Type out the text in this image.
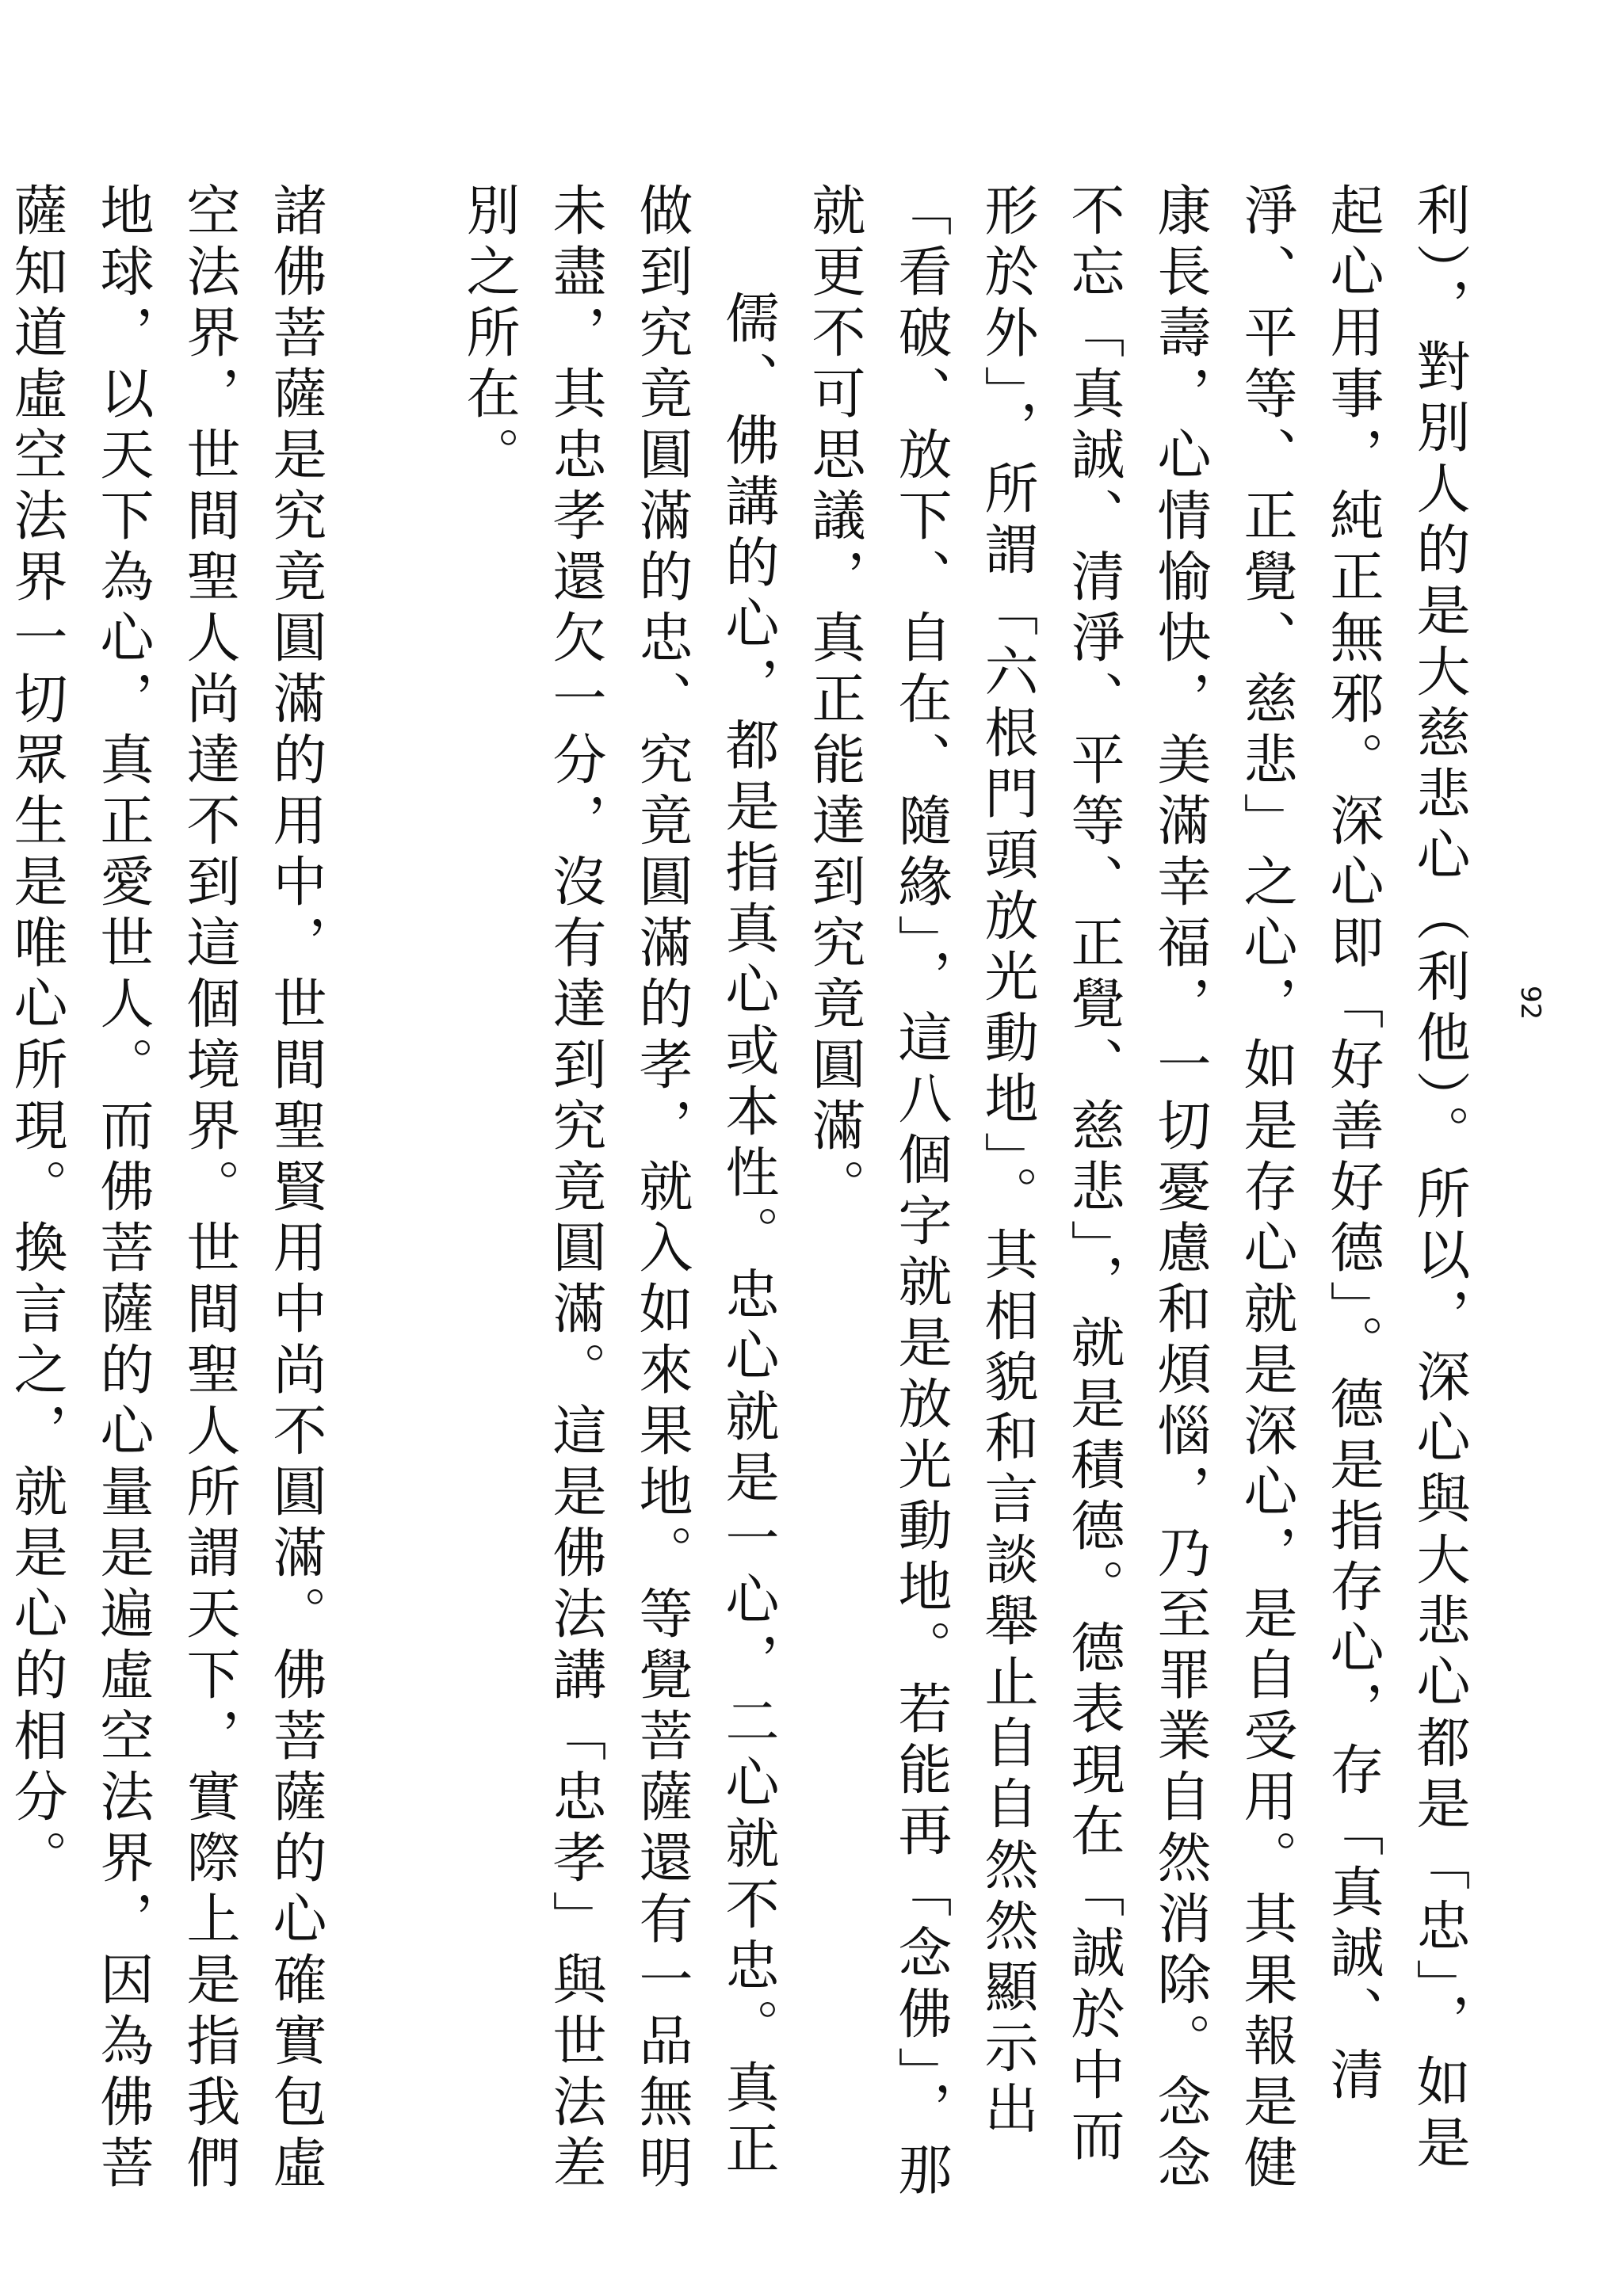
92

利），對別人的是大慈悲心（利他）。所以，深心與大悲心都是「忠」，如是起心用事，純正無邪。深心即「好善好德」。德是指存心，存「真誠、清淨、平等、正覺、慈悲」之心，如是存心就是深心，是自受用。其果報是健康長壽，心情愉快，美滿幸福，一切憂慮和煩惱，乃至罪業自然消除。念念不忘「真誠、清淨、平等、正覺、慈悲」，就是積德。德表現在「誠於中而形於外」，所謂「六根門頭放光動地」。其相貌和言談舉止自自然然顯示出「看破、放下、自在、隨緣」，這八個字就是放光動地。若能再「念佛」，那就更不可思議，真正能達到究竟圓滿。

儒、佛講的心，都是指真心或本性。忠心就是一心，二心就不忠。真正做到究竟圓滿的忠、究竟圓滿的孝，就入如來果地。等覺菩薩還有一品無明未盡，其忠孝還欠一分，沒有達到究竟圓滿。這是佛法講「忠孝」與世法差別之所在。

諸佛菩薩是究竟圓滿的用中，世間聖賢用中尚不圓滿。佛菩薩的心確實包虛空法界，世間聖人尚達不到這個境界。世間聖人所謂天下，實際上是指我們地球，以天下為心，真正愛世人。而佛菩薩的心量是遍虛空法界，因為佛菩薩知道虛空法界一切眾生是唯心所現。換言之，就是心的相分。
